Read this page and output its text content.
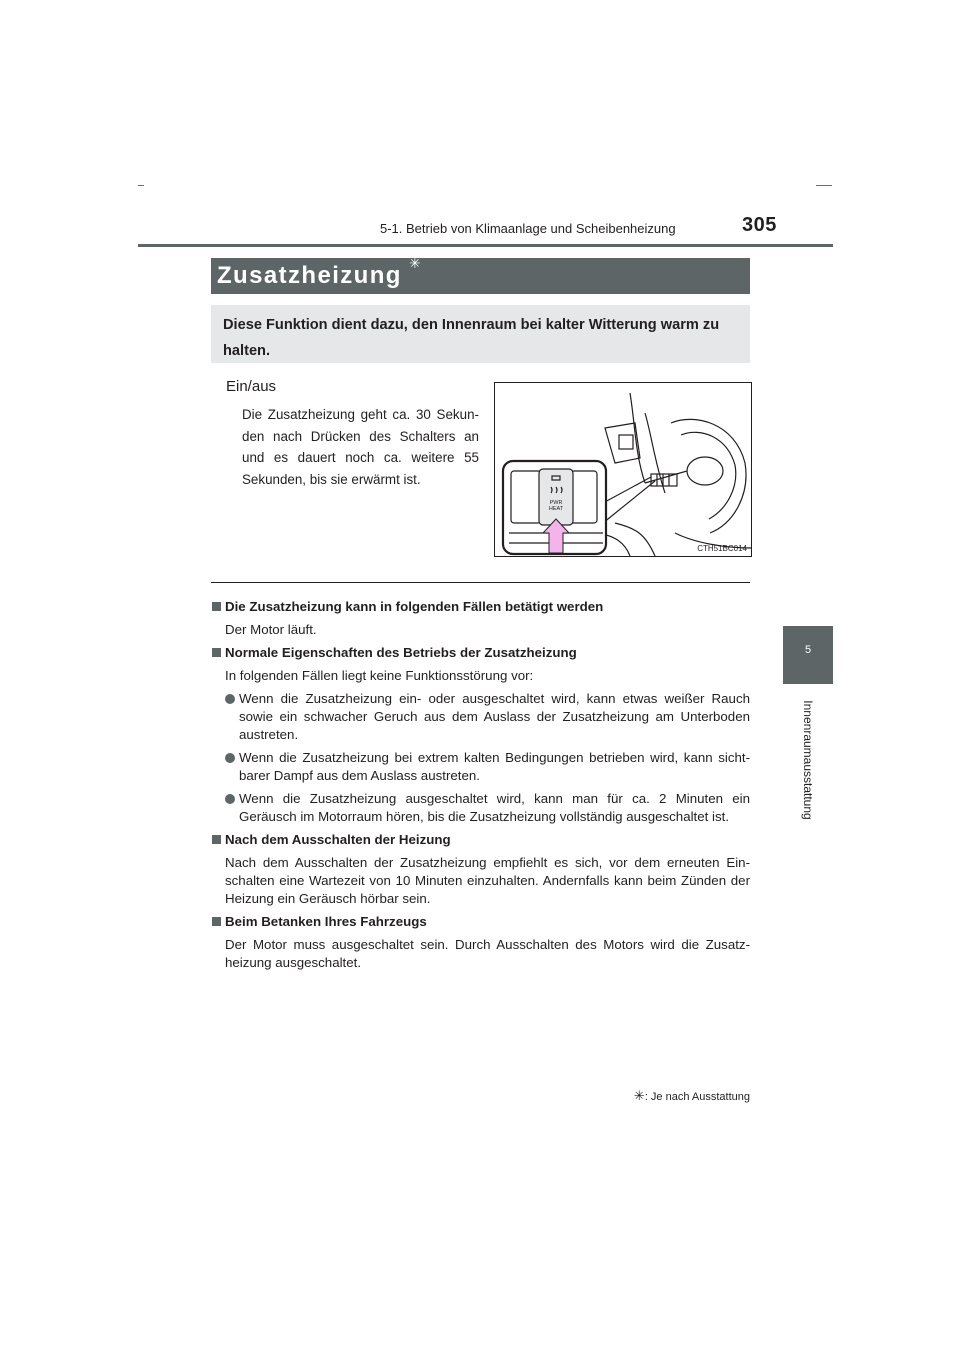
5-1. Betrieb von Klimaanlage und Scheibenheizung	305
5
Innenraumausstattung
Zusatzheizung ✳

Diese Funktion dient dazu, den Innenraum bei kalter Witterung warm zu halten.

Ein/aus
Die Zusatzheizung geht ca. 30 Sekunden nach Drücken des Schalters an und es dauert noch ca. weitere 55 Sekunden, bis sie erwärmt ist.
PWR
HEAT
CTH51BC014
Die Zusatzheizung kann in folgenden Fällen betätigt werden
Der Motor läuft.
Normale Eigenschaften des Betriebs der Zusatzheizung
In folgenden Fällen liegt keine Funktionsstörung vor:
Wenn die Zusatzheizung ein- oder ausgeschaltet wird, kann etwas weißer Rauch sowie ein schwacher Geruch aus dem Auslass der Zusatzheizung am Unterboden austreten.
Wenn die Zusatzheizung bei extrem kalten Bedingungen betrieben wird, kann sichtbarer Dampf aus dem Auslass austreten.
Wenn die Zusatzheizung ausgeschaltet wird, kann man für ca. 2 Minuten ein Geräusch im Motorraum hören, bis die Zusatzheizung vollständig ausgeschaltet ist.
Nach dem Ausschalten der Heizung
Nach dem Ausschalten der Zusatzheizung empfiehlt es sich, vor dem erneuten Einschalten eine Wartezeit von 10 Minuten einzuhalten. Andernfalls kann beim Zünden der Heizung ein Geräusch hörbar sein.
Beim Betanken Ihres Fahrzeugs
Der Motor muss ausgeschaltet sein. Durch Ausschalten des Motors wird die Zusatzheizung ausgeschaltet.
✳: Je nach Ausstattung
